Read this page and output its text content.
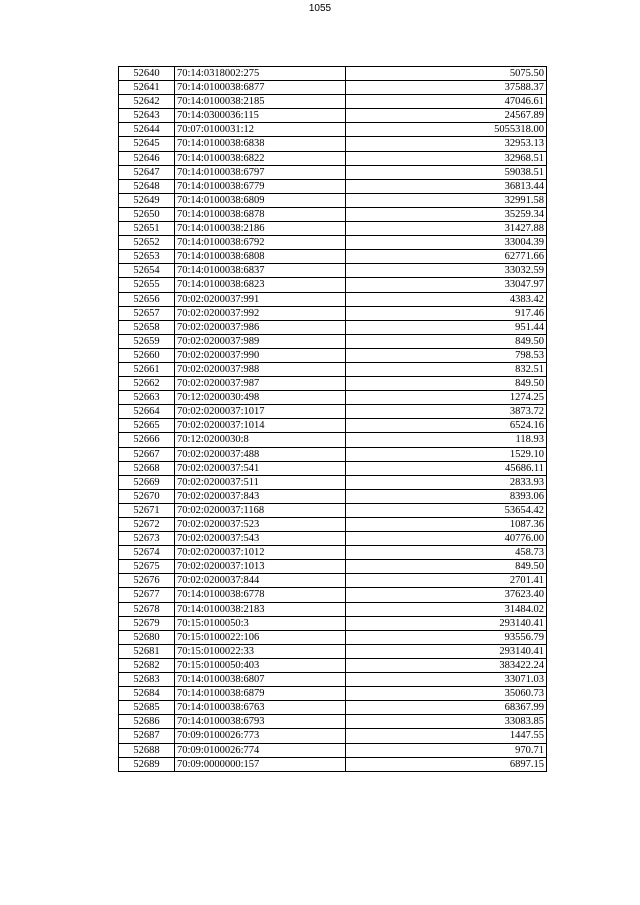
1055
52640	70:14:0318002:275	5075.50
52641	70:14:0100038:6877	37588.37
52642	70:14:0100038:2185	47046.61
52643	70:14:0300036:115	24567.89
52644	70:07:0100031:12	5055318.00
52645	70:14:0100038:6838	32953.13
52646	70:14:0100038:6822	32968.51
52647	70:14:0100038:6797	59038.51
52648	70:14:0100038:6779	36813.44
52649	70:14:0100038:6809	32991.58
52650	70:14:0100038:6878	35259.34
52651	70:14:0100038:2186	31427.88
52652	70:14:0100038:6792	33004.39
52653	70:14:0100038:6808	62771.66
52654	70:14:0100038:6837	33032.59
52655	70:14:0100038:6823	33047.97
52656	70:02:0200037:991	4383.42
52657	70:02:0200037:992	917.46
52658	70:02:0200037:986	951.44
52659	70:02:0200037:989	849.50
52660	70:02:0200037:990	798.53
52661	70:02:0200037:988	832.51
52662	70:02:0200037:987	849.50
52663	70:12:0200030:498	1274.25
52664	70:02:0200037:1017	3873.72
52665	70:02:0200037:1014	6524.16
52666	70:12:0200030:8	118.93
52667	70:02:0200037:488	1529.10
52668	70:02:0200037:541	45686.11
52669	70:02:0200037:511	2833.93
52670	70:02:0200037:843	8393.06
52671	70:02:0200037:1168	53654.42
52672	70:02:0200037:523	1087.36
52673	70:02:0200037:543	40776.00
52674	70:02:0200037:1012	458.73
52675	70:02:0200037:1013	849.50
52676	70:02:0200037:844	2701.41
52677	70:14:0100038:6778	37623.40
52678	70:14:0100038:2183	31484.02
52679	70:15:0100050:3	293140.41
52680	70:15:0100022:106	93556.79
52681	70:15:0100022:33	293140.41
52682	70:15:0100050:403	383422.24
52683	70:14:0100038:6807	33071.03
52684	70:14:0100038:6879	35060.73
52685	70:14:0100038:6763	68367.99
52686	70:14:0100038:6793	33083.85
52687	70:09:0100026:773	1447.55
52688	70:09:0100026:774	970.71
52689	70:09:0000000:157	6897.15
